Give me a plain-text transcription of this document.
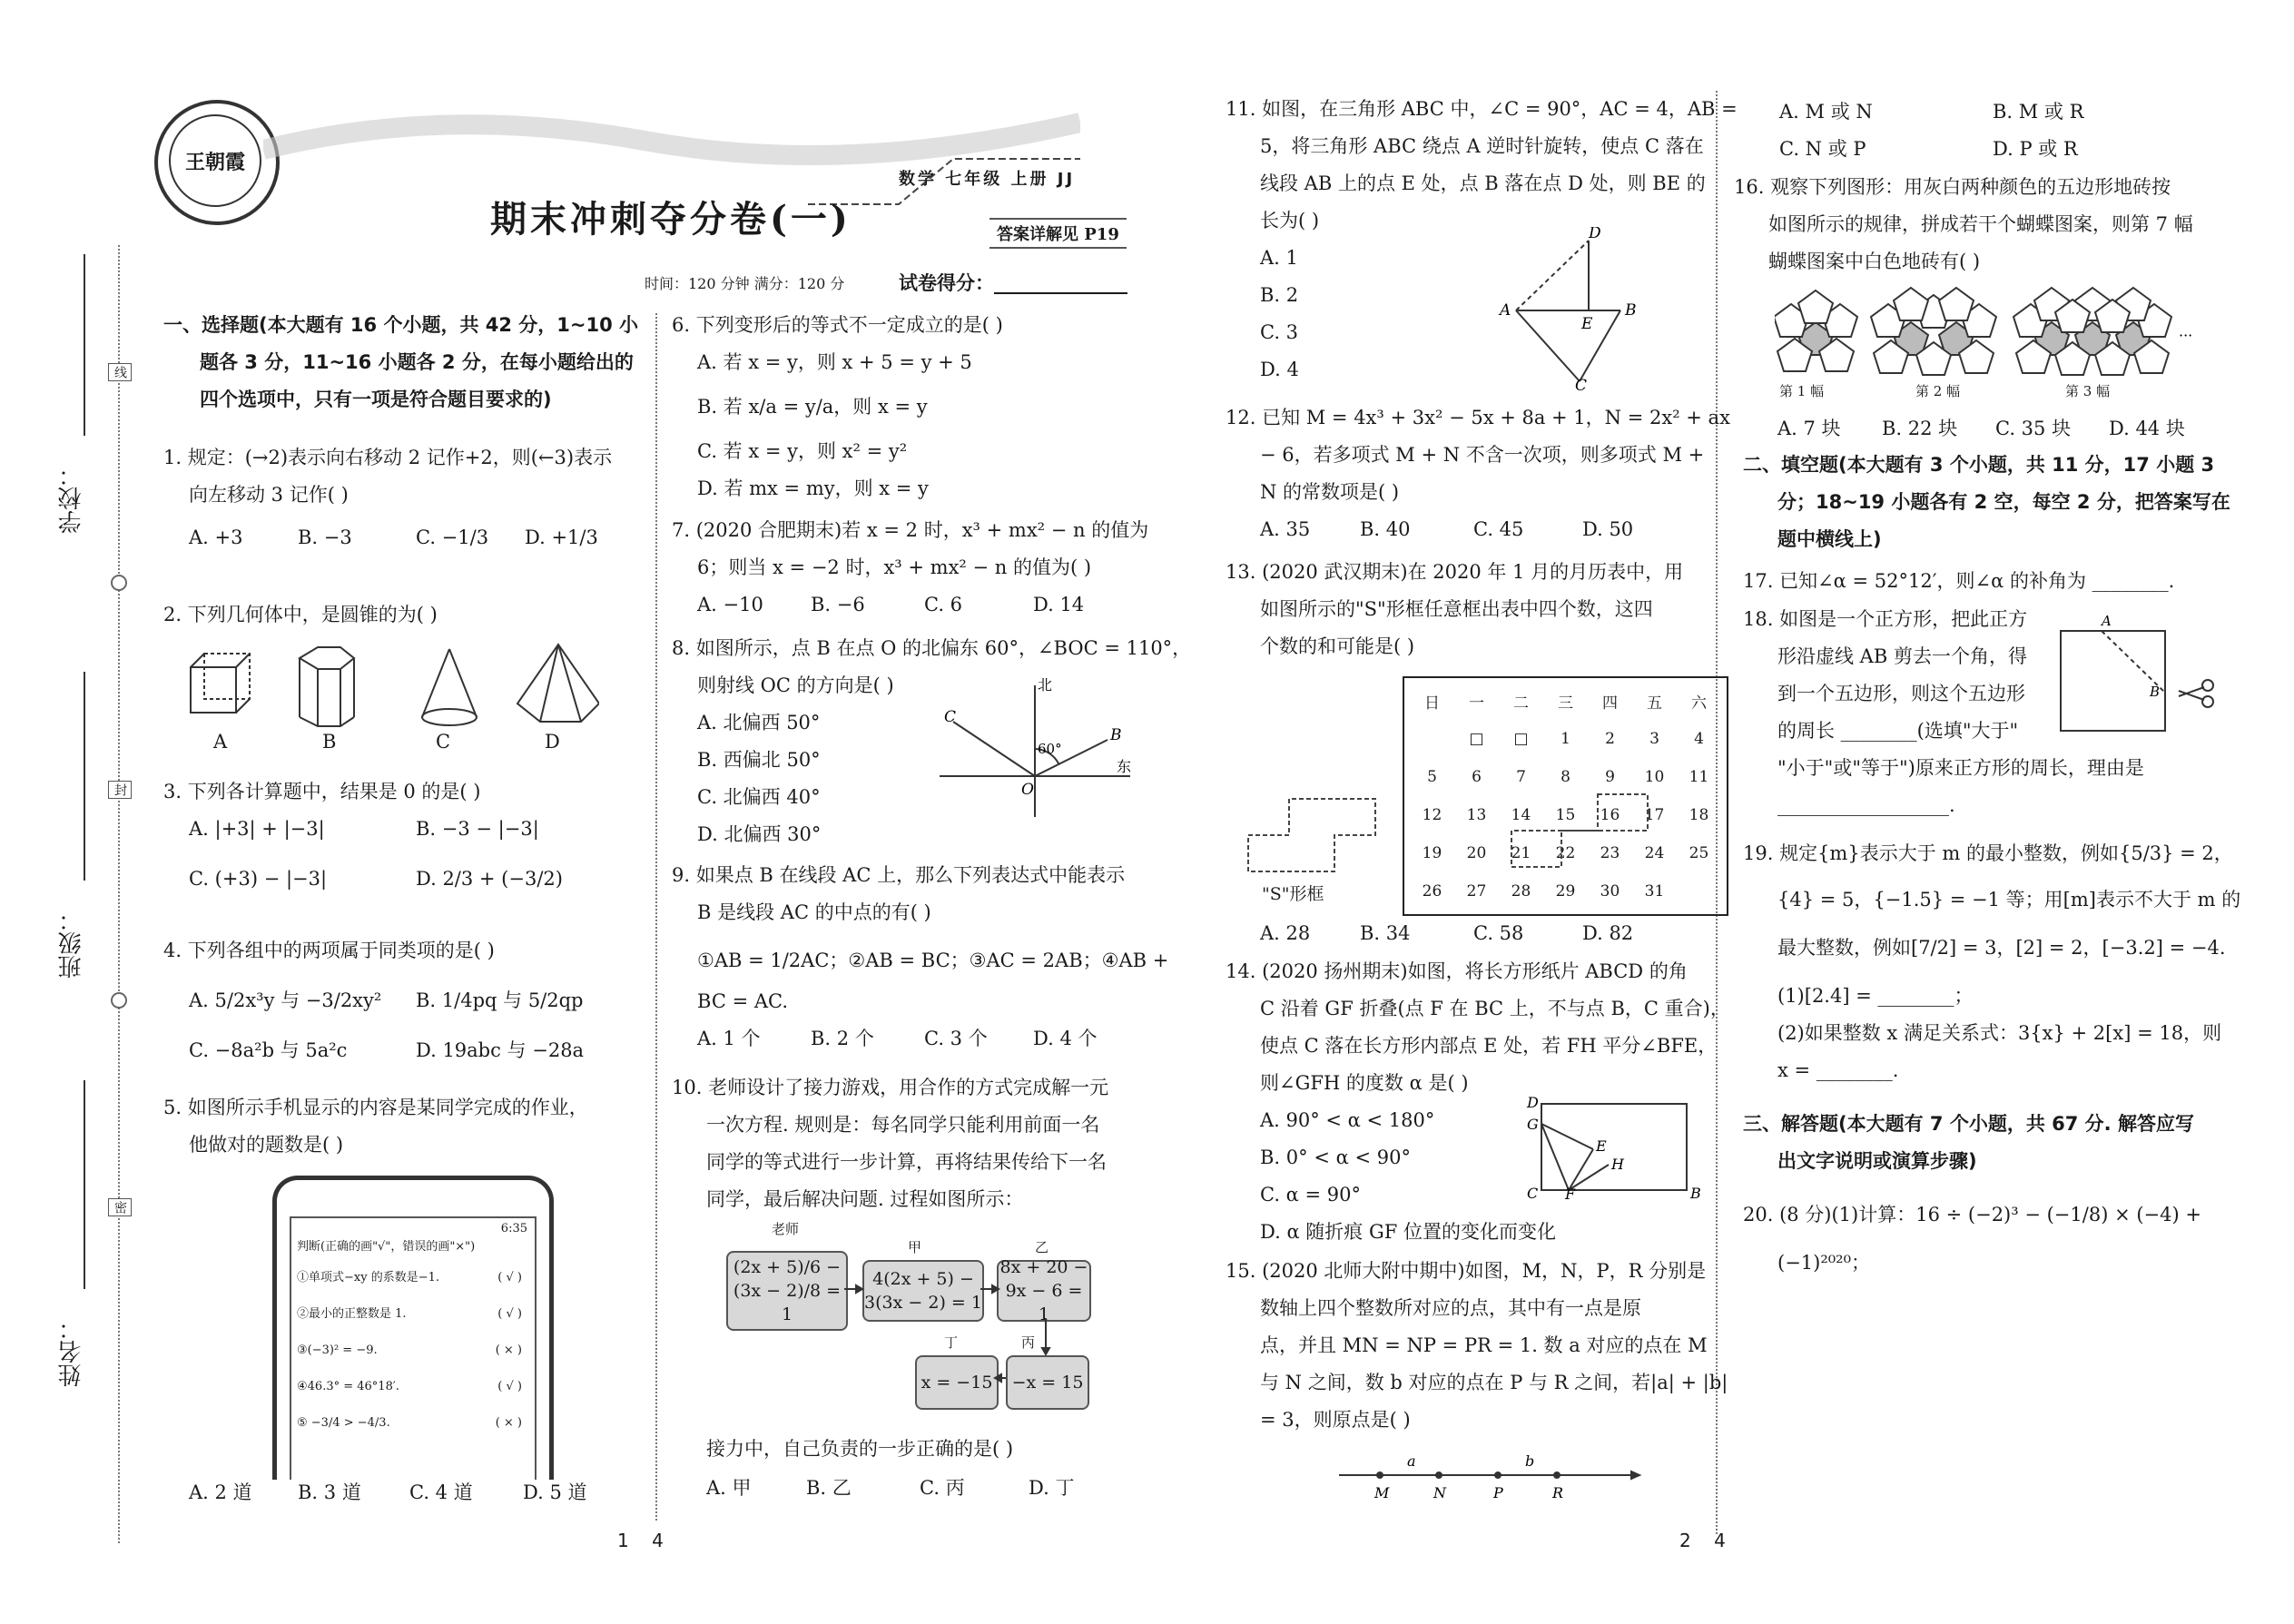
王朝霞
数学 七年级 上册 JJ
期末冲刺夺分卷(一)	答案详解见 P19
时间：120 分钟 满分：120 分	试卷得分：______________
学校：
班级：
姓名：
线
封
密

一、选择题(本大题有 16 个小题，共 42 分，1~10 小

题各 3 分，11~16 小题各 2 分，在每小题给出的

四个选项中，只有一项是符合题目要求的)

1. 规定：(→2)表示向右移动 2 记作+2，则(←3)表示

向左移动 3 记作( )

A. +3	B. −3	C. −1/3	D. +1/3

2. 下列几何体中，是圆锥的为( )

A	B	C	D

3. 下列各计算题中，结果是 0 的是( )

A. |+3| + |−3|	B. −3 − |−3|
C. (+3) − |−3|	D. 2/3 + (−3/2)

4. 下列各组中的两项属于同类项的是( )

A. 5/2x³y 与 −3/2xy²	B. 1/4pq 与 5/2qp
C. −8a²b 与 5a²c	D. 19abc 与 −28a

5. 如图所示手机显示的内容是某同学完成的作业，

他做对的题数是( )

6:35
判断(正确的画"√"，错误的画"×")
①单项式−xy 的系数是−1.	( √ )
②最小的正整数是 1.	( √ )
③(−3)² = −9.	( × )
④46.3° = 46°18′.	( √ )
⑤ −3/4 > −4/3.	( × )
A. 2 道	B. 3 道	C. 4 道	D. 5 道

6. 下列变形后的等式不一定成立的是( )

A. 若 x = y，则 x + 5 = y + 5

B. 若 x/a = y/a，则 x = y

C. 若 x = y，则 x² = y²

D. 若 mx = my，则 x = y

7. (2020 合肥期末)若 x = 2 时，x³ + mx² − n 的值为

6；则当 x = −2 时，x³ + mx² − n 的值为( )

A. −10	B. −6	C. 6	D. 14

8. 如图所示，点 B 在点 O 的北偏东 60°，∠BOC = 110°，

则射线 OC 的方向是( )

A. 北偏西 50°

B. 西偏北 50°

C. 北偏西 40°

D. 北偏西 30°

北
东
60°
C
B
O

9. 如果点 B 在线段 AC 上，那么下列表达式中能表示

B 是线段 AC 的中点的有( )

①AB = 1/2AC；②AB = BC；③AC = 2AB；④AB +

BC = AC.

A. 1 个	B. 2 个	C. 3 个	D. 4 个

10. 老师设计了接力游戏，用合作的方式完成解一元

一次方程. 规则是：每名同学只能利用前面一名

同学的等式进行一步计算，再将结果传给下一名

同学，最后解决问题. 过程如图所示：

老师
甲	乙
丙
丁
(2x + 5)/6 − (3x − 2)/8 = 1
4(2x + 5) − 3(3x − 2) = 1
8x + 20 − 9x − 6 = 1
−x = 15
x = −15

接力中，自己负责的一步正确的是( )

A. 甲	B. 乙	C. 丙	D. 丁
1    4

11. 如图，在三角形 ABC 中，∠C = 90°，AC = 4，AB =

5，将三角形 ABC 绕点 A 逆时针旋转，使点 C 落在

线段 AB 上的点 E 处，点 B 落在点 D 处，则 BE 的

长为( )

A. 1

B. 2

C. 3

D. 4

D
A	B
E
C

12. 已知 M = 4x³ + 3x² − 5x + 8a + 1，N = 2x² + ax

− 6，若多项式 M + N 不含一次项，则多项式 M +

N 的常数项是( )

A. 35	B. 40	C. 45	D. 50

13. (2020 武汉期末)在 2020 年 1 月的月历表中，用

如图所示的"S"形框任意框出表中四个数，这四

个数的和可能是( )

日	一	二	三	四	五	六
	□	□	1	2	3	4
5	6	7	8	9	10	11
12	13	14	15	16	17	18
19	20	21	22	23	24	25
26	27	28	29	30	31	
"S"形框
A. 28	B. 34	C. 58	D. 82

14. (2020 扬州期末)如图，将长方形纸片 ABCD 的角

C 沿着 GF 折叠(点 F 在 BC 上，不与点 B，C 重合)，

使点 C 落在长方形内部点 E 处，若 FH 平分∠BFE，

则∠GFH 的度数 α 是( )

A. 90° < α < 180°

B. 0° < α < 90°

C. α = 90°

D. α 随折痕 GF 位置的变化而变化

D
G
E
H
C F	B

15. (2020 北师大附中期中)如图，M，N，P，R 分别是

数轴上四个整数所对应的点，其中有一点是原

点，并且 MN = NP = PR = 1. 数 a 对应的点在 M

与 N 之间，数 b 对应的点在 P 与 R 之间，若|a| + |b|

= 3，则原点是( )

a	b
M	N	P	R
A. M 或 N	B. M 或 R
C. N 或 P	D. P 或 R

16. 观察下列图形：用灰白两种颜色的五边形地砖按

如图所示的规律，拼成若干个蝴蝶图案，则第 7 幅

蝴蝶图案中白色地砖有( )

···
第 1 幅	第 2 幅	第 3 幅
A. 7 块	B. 22 块	C. 35 块	D. 44 块

二、填空题(本大题有 3 个小题，共 11 分，17 小题 3

分；18~19 小题各有 2 空，每空 2 分，把答案写在

题中横线上)

17. 已知∠α = 52°12′，则∠α 的补角为 ________.

18. 如图是一个正方形，把此正方

形沿虚线 AB 剪去一个角，得

到一个五边形，则这个五边形

的周长 ________(选填"大于"

"小于"或"等于")原来正方形的周长，理由是

__________________.

A
B

19. 规定{m}表示大于 m 的最小整数，例如{5/3} = 2，

{4} = 5，{−1.5} = −1 等；用[m]表示不大于 m 的

最大整数，例如[7/2] = 3，[2] = 2，[−3.2] = −4.

(1)[2.4] = ________；

(2)如果整数 x 满足关系式：3{x} + 2[x] = 18，则

x = ________.

三、解答题(本大题有 7 个小题，共 67 分. 解答应写

出文字说明或演算步骤)

20. (8 分)(1)计算：16 ÷ (−2)³ − (−1/8) × (−4) +

(−1)²⁰²⁰；

2    4
